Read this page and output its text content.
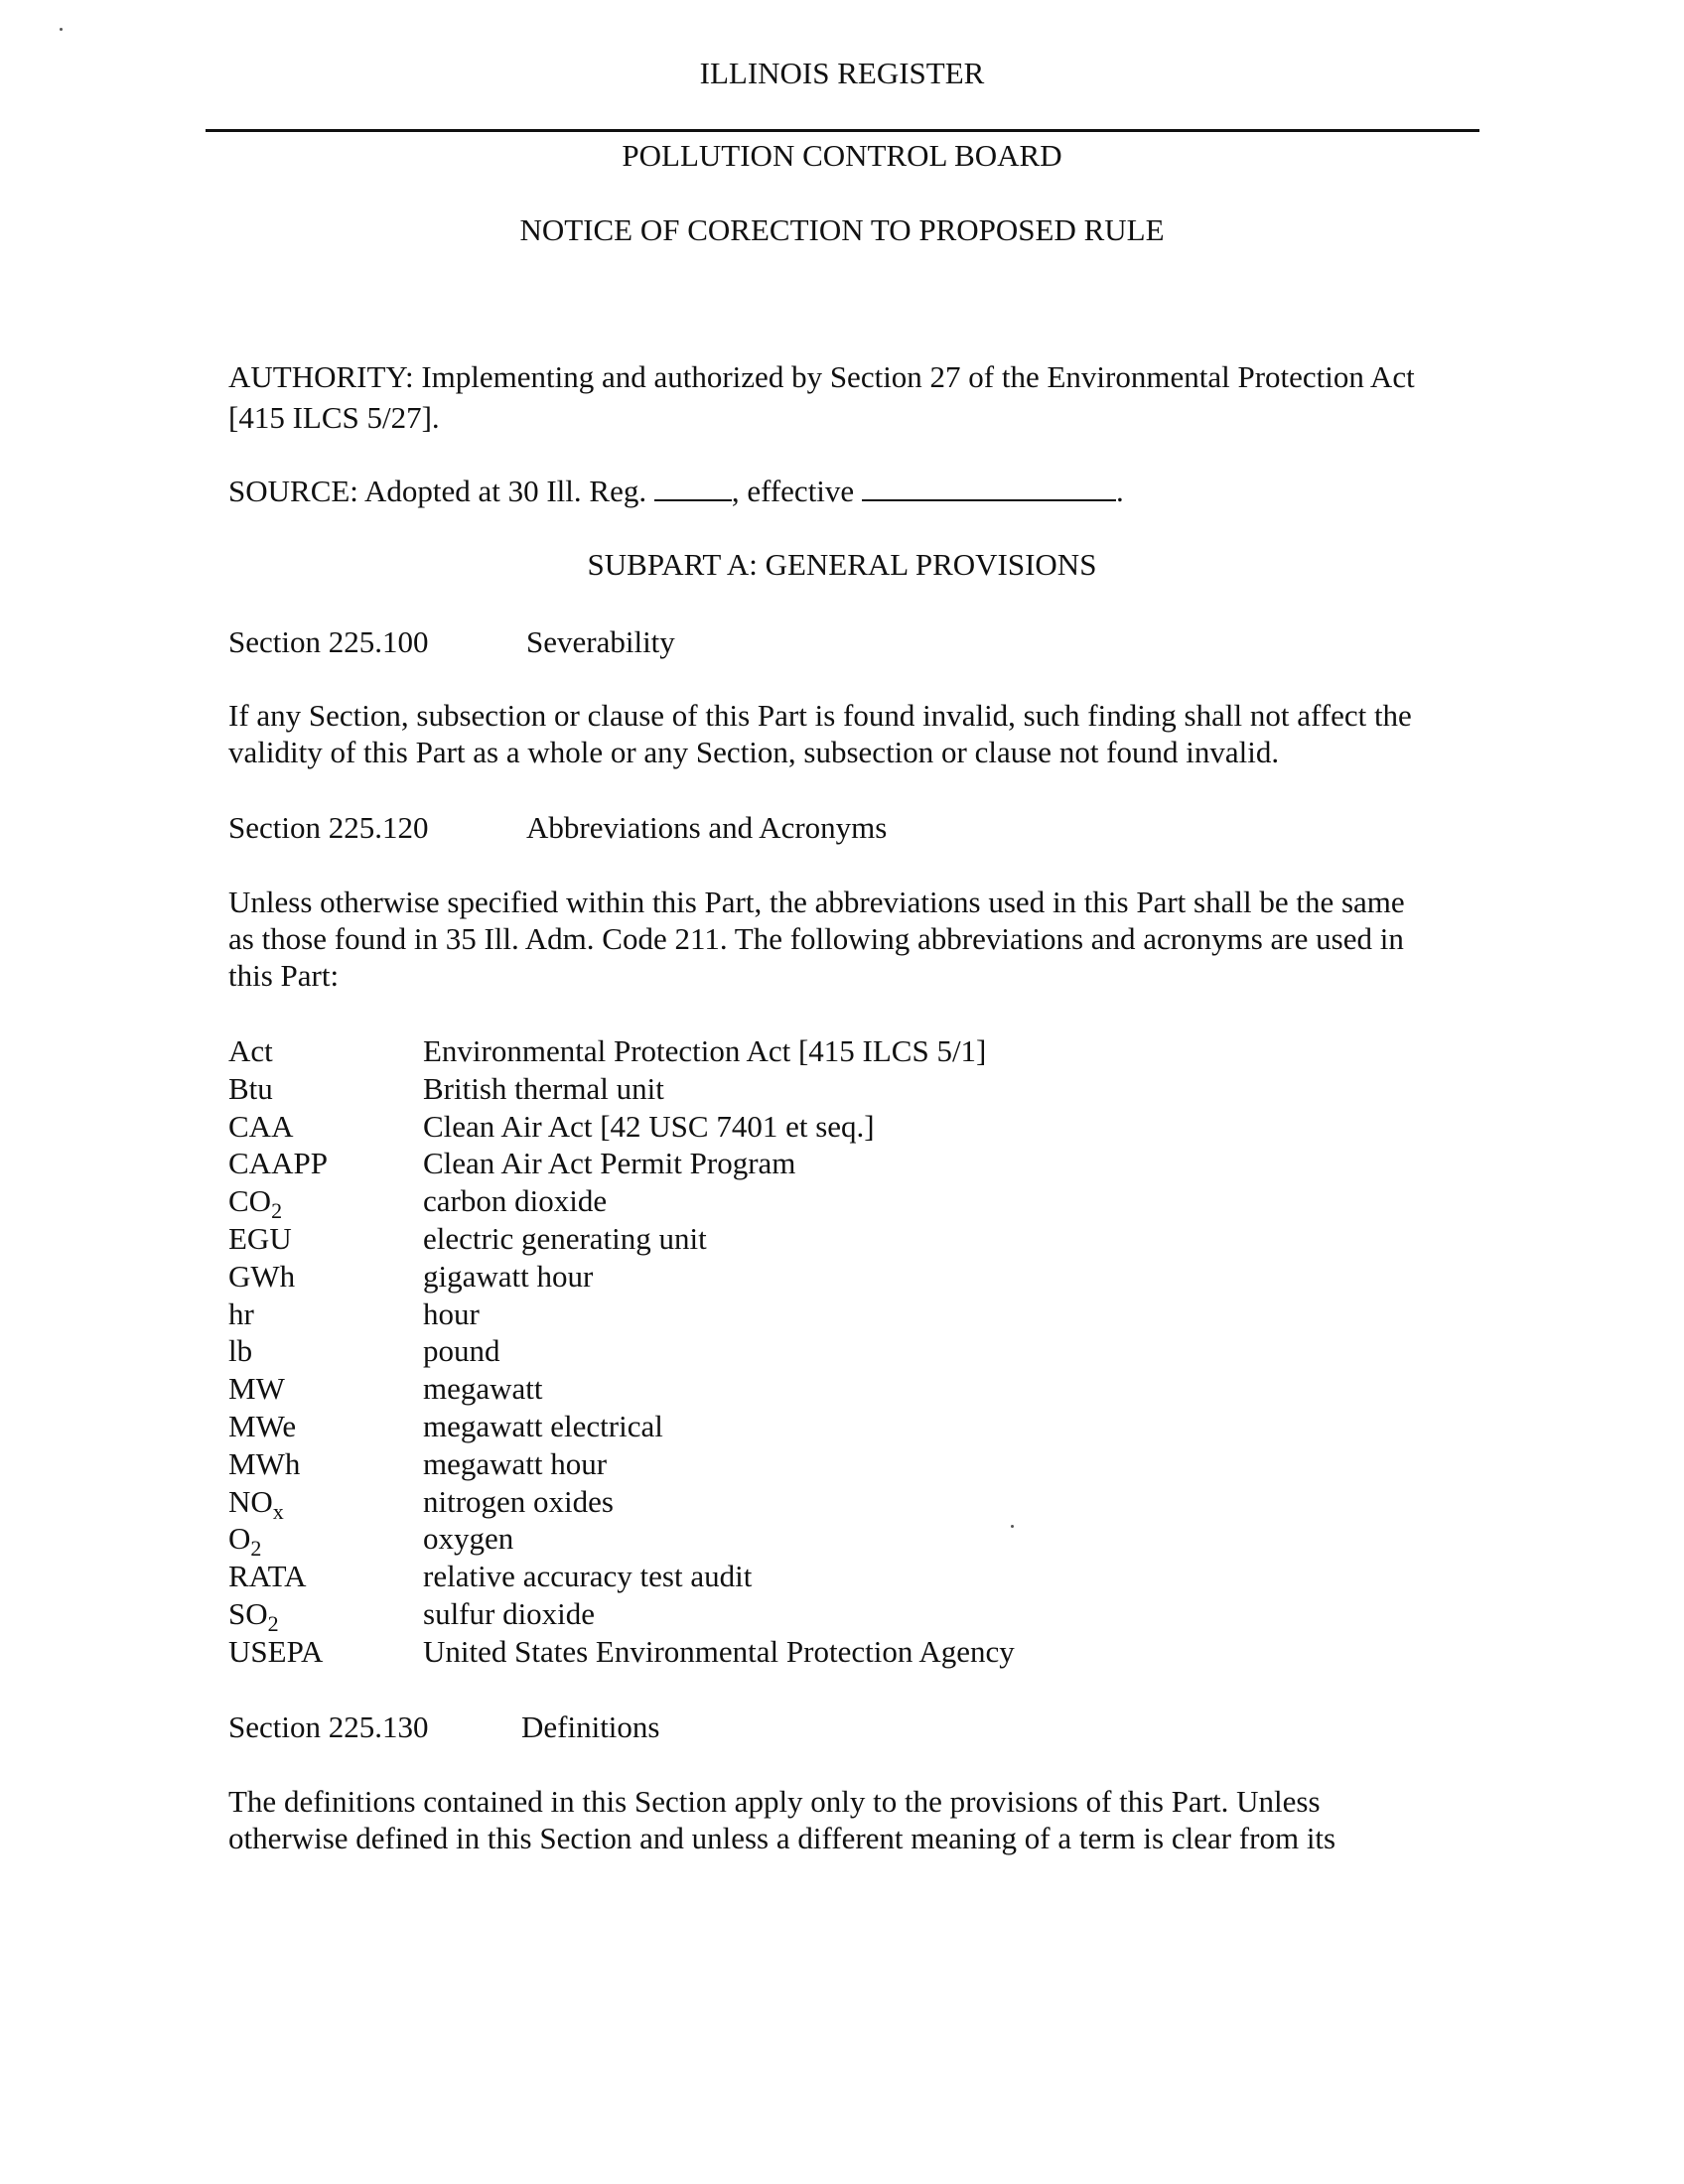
ILLINOIS REGISTER
POLLUTION CONTROL BOARD
NOTICE OF CORECTION TO PROPOSED RULE
AUTHORITY: Implementing and authorized by Section 27 of the Environmental Protection Act
[415 ILCS 5/27].
SOURCE: Adopted at 30 Ill. Reg.	, effective	.
SUBPART A: GENERAL PROVISIONS
Section 225.100	Severability
If any Section, subsection or clause of this Part is found invalid, such finding shall not affect the
validity of this Part as a whole or any Section, subsection or clause not found invalid.
Section 225.120	Abbreviations and Acronyms
Unless otherwise specified within this Part, the abbreviations used in this Part shall be the same
as those found in 35 Ill. Adm. Code 211. The following abbreviations and acronyms are used in
this Part:
Act	Environmental Protection Act [415 ILCS 5/1]
Btu	British thermal unit
CAA	Clean Air Act [42 USC 7401 et seq.]
CAAPP	Clean Air Act Permit Program
$CO_2$	carbon dioxide
EGU	electric generating unit
GWh	gigawatt hour
hr	hour
lb	pound
MW	megawatt
MWe	megawatt electrical
MWh	megawatt hour
$NO_x$	nitrogen oxides
$O_2$	oxygen
RATA	relative accuracy test audit
$SO_2$	sulfur dioxide
USEPA	United States Environmental Protection Agency
Section 225.130	Definitions
The definitions contained in this Section apply only to the provisions of this Part. Unless
otherwise defined in this Section and unless a different meaning of a term is clear from its
